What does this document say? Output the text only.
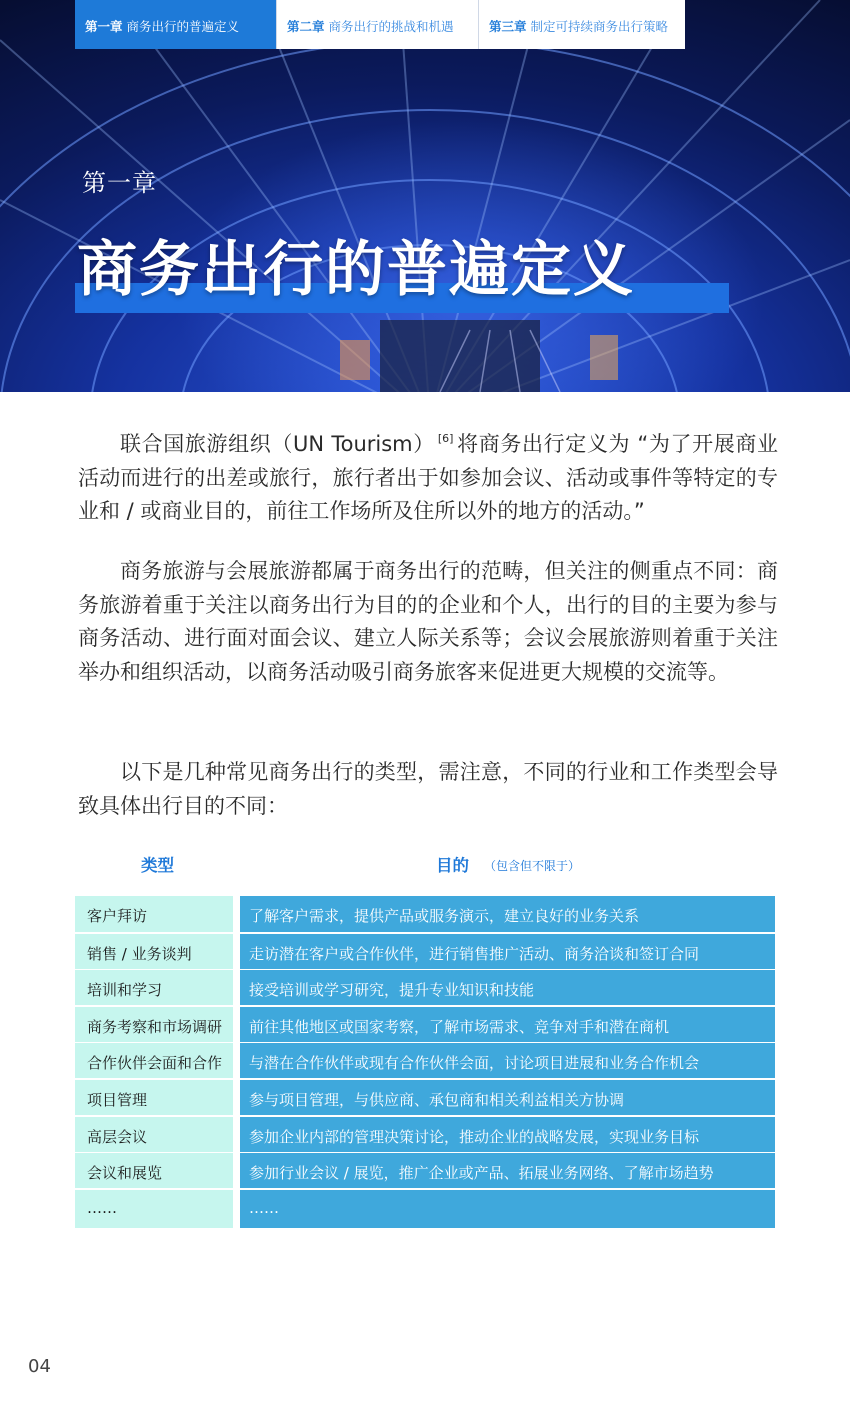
第一章 商务出行的普遍定义	第二章 商务出行的挑战和机遇	第三章 制定可持续商务出行策略
第一章
商务出行的普遍定义

联合国旅游组织（UN Tourism） [6] 将商务出行定义为 “为了开展商业活动而进行的出差或旅行，旅行者出于如参加会议、活动或事件等特定的专业和 / 或商业目的，前往工作场所及住所以外的地方的活动。”

商务旅游与会展旅游都属于商务出行的范畴，但关注的侧重点不同：商务旅游着重于关注以商务出行为目的的企业和个人，出行的目的主要为参与商务活动、进行面对面会议、建立人际关系等；会议会展旅游则着重于关注举办和组织活动，以商务活动吸引商务旅客来促进更大规模的交流等。

以下是几种常见商务出行的类型，需注意，不同的行业和工作类型会导致具体出行目的不同：

类型	目的 （包含但不限于）
客户拜访	了解客户需求，提供产品或服务演示，建立良好的业务关系
销售 / 业务谈判	走访潜在客户或合作伙伴，进行销售推广活动、商务洽谈和签订合同
培训和学习	接受培训或学习研究，提升专业知识和技能
商务考察和市场调研	前往其他地区或国家考察，了解市场需求、竞争对手和潜在商机
合作伙伴会面和合作	与潜在合作伙伴或现有合作伙伴会面，讨论项目进展和业务合作机会
项目管理	参与项目管理，与供应商、承包商和相关利益相关方协调
高层会议	参加企业内部的管理决策讨论，推动企业的战略发展，实现业务目标
会议和展览	参加行业会议 / 展览，推广企业或产品、拓展业务网络、了解市场趋势
……	……
04
